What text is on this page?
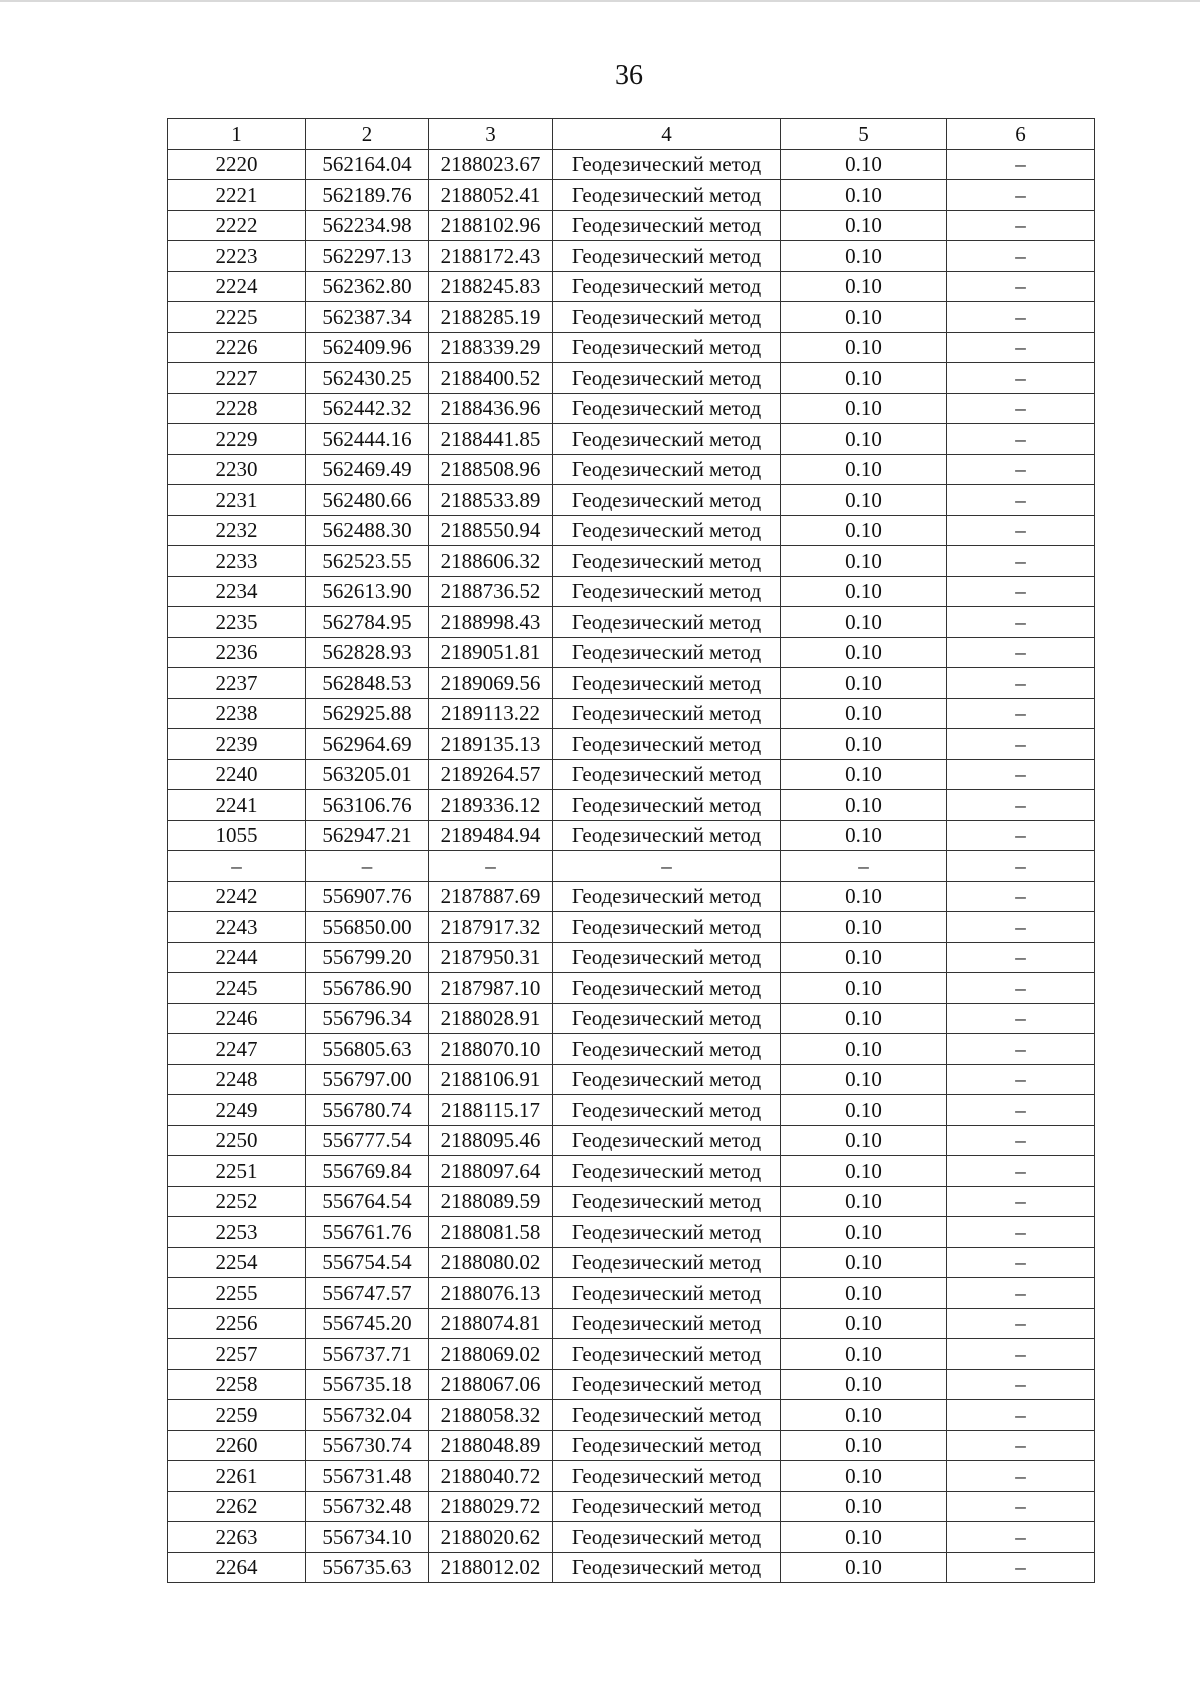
36
1	2	3	4	5	6
2220	562164.04	2188023.67	Геодезический метод	0.10	–
2221	562189.76	2188052.41	Геодезический метод	0.10	–
2222	562234.98	2188102.96	Геодезический метод	0.10	–
2223	562297.13	2188172.43	Геодезический метод	0.10	–
2224	562362.80	2188245.83	Геодезический метод	0.10	–
2225	562387.34	2188285.19	Геодезический метод	0.10	–
2226	562409.96	2188339.29	Геодезический метод	0.10	–
2227	562430.25	2188400.52	Геодезический метод	0.10	–
2228	562442.32	2188436.96	Геодезический метод	0.10	–
2229	562444.16	2188441.85	Геодезический метод	0.10	–
2230	562469.49	2188508.96	Геодезический метод	0.10	–
2231	562480.66	2188533.89	Геодезический метод	0.10	–
2232	562488.30	2188550.94	Геодезический метод	0.10	–
2233	562523.55	2188606.32	Геодезический метод	0.10	–
2234	562613.90	2188736.52	Геодезический метод	0.10	–
2235	562784.95	2188998.43	Геодезический метод	0.10	–
2236	562828.93	2189051.81	Геодезический метод	0.10	–
2237	562848.53	2189069.56	Геодезический метод	0.10	–
2238	562925.88	2189113.22	Геодезический метод	0.10	–
2239	562964.69	2189135.13	Геодезический метод	0.10	–
2240	563205.01	2189264.57	Геодезический метод	0.10	–
2241	563106.76	2189336.12	Геодезический метод	0.10	–
1055	562947.21	2189484.94	Геодезический метод	0.10	–
–	–	–	–	–	–
2242	556907.76	2187887.69	Геодезический метод	0.10	–
2243	556850.00	2187917.32	Геодезический метод	0.10	–
2244	556799.20	2187950.31	Геодезический метод	0.10	–
2245	556786.90	2187987.10	Геодезический метод	0.10	–
2246	556796.34	2188028.91	Геодезический метод	0.10	–
2247	556805.63	2188070.10	Геодезический метод	0.10	–
2248	556797.00	2188106.91	Геодезический метод	0.10	–
2249	556780.74	2188115.17	Геодезический метод	0.10	–
2250	556777.54	2188095.46	Геодезический метод	0.10	–
2251	556769.84	2188097.64	Геодезический метод	0.10	–
2252	556764.54	2188089.59	Геодезический метод	0.10	–
2253	556761.76	2188081.58	Геодезический метод	0.10	–
2254	556754.54	2188080.02	Геодезический метод	0.10	–
2255	556747.57	2188076.13	Геодезический метод	0.10	–
2256	556745.20	2188074.81	Геодезический метод	0.10	–
2257	556737.71	2188069.02	Геодезический метод	0.10	–
2258	556735.18	2188067.06	Геодезический метод	0.10	–
2259	556732.04	2188058.32	Геодезический метод	0.10	–
2260	556730.74	2188048.89	Геодезический метод	0.10	–
2261	556731.48	2188040.72	Геодезический метод	0.10	–
2262	556732.48	2188029.72	Геодезический метод	0.10	–
2263	556734.10	2188020.62	Геодезический метод	0.10	–
2264	556735.63	2188012.02	Геодезический метод	0.10	–
